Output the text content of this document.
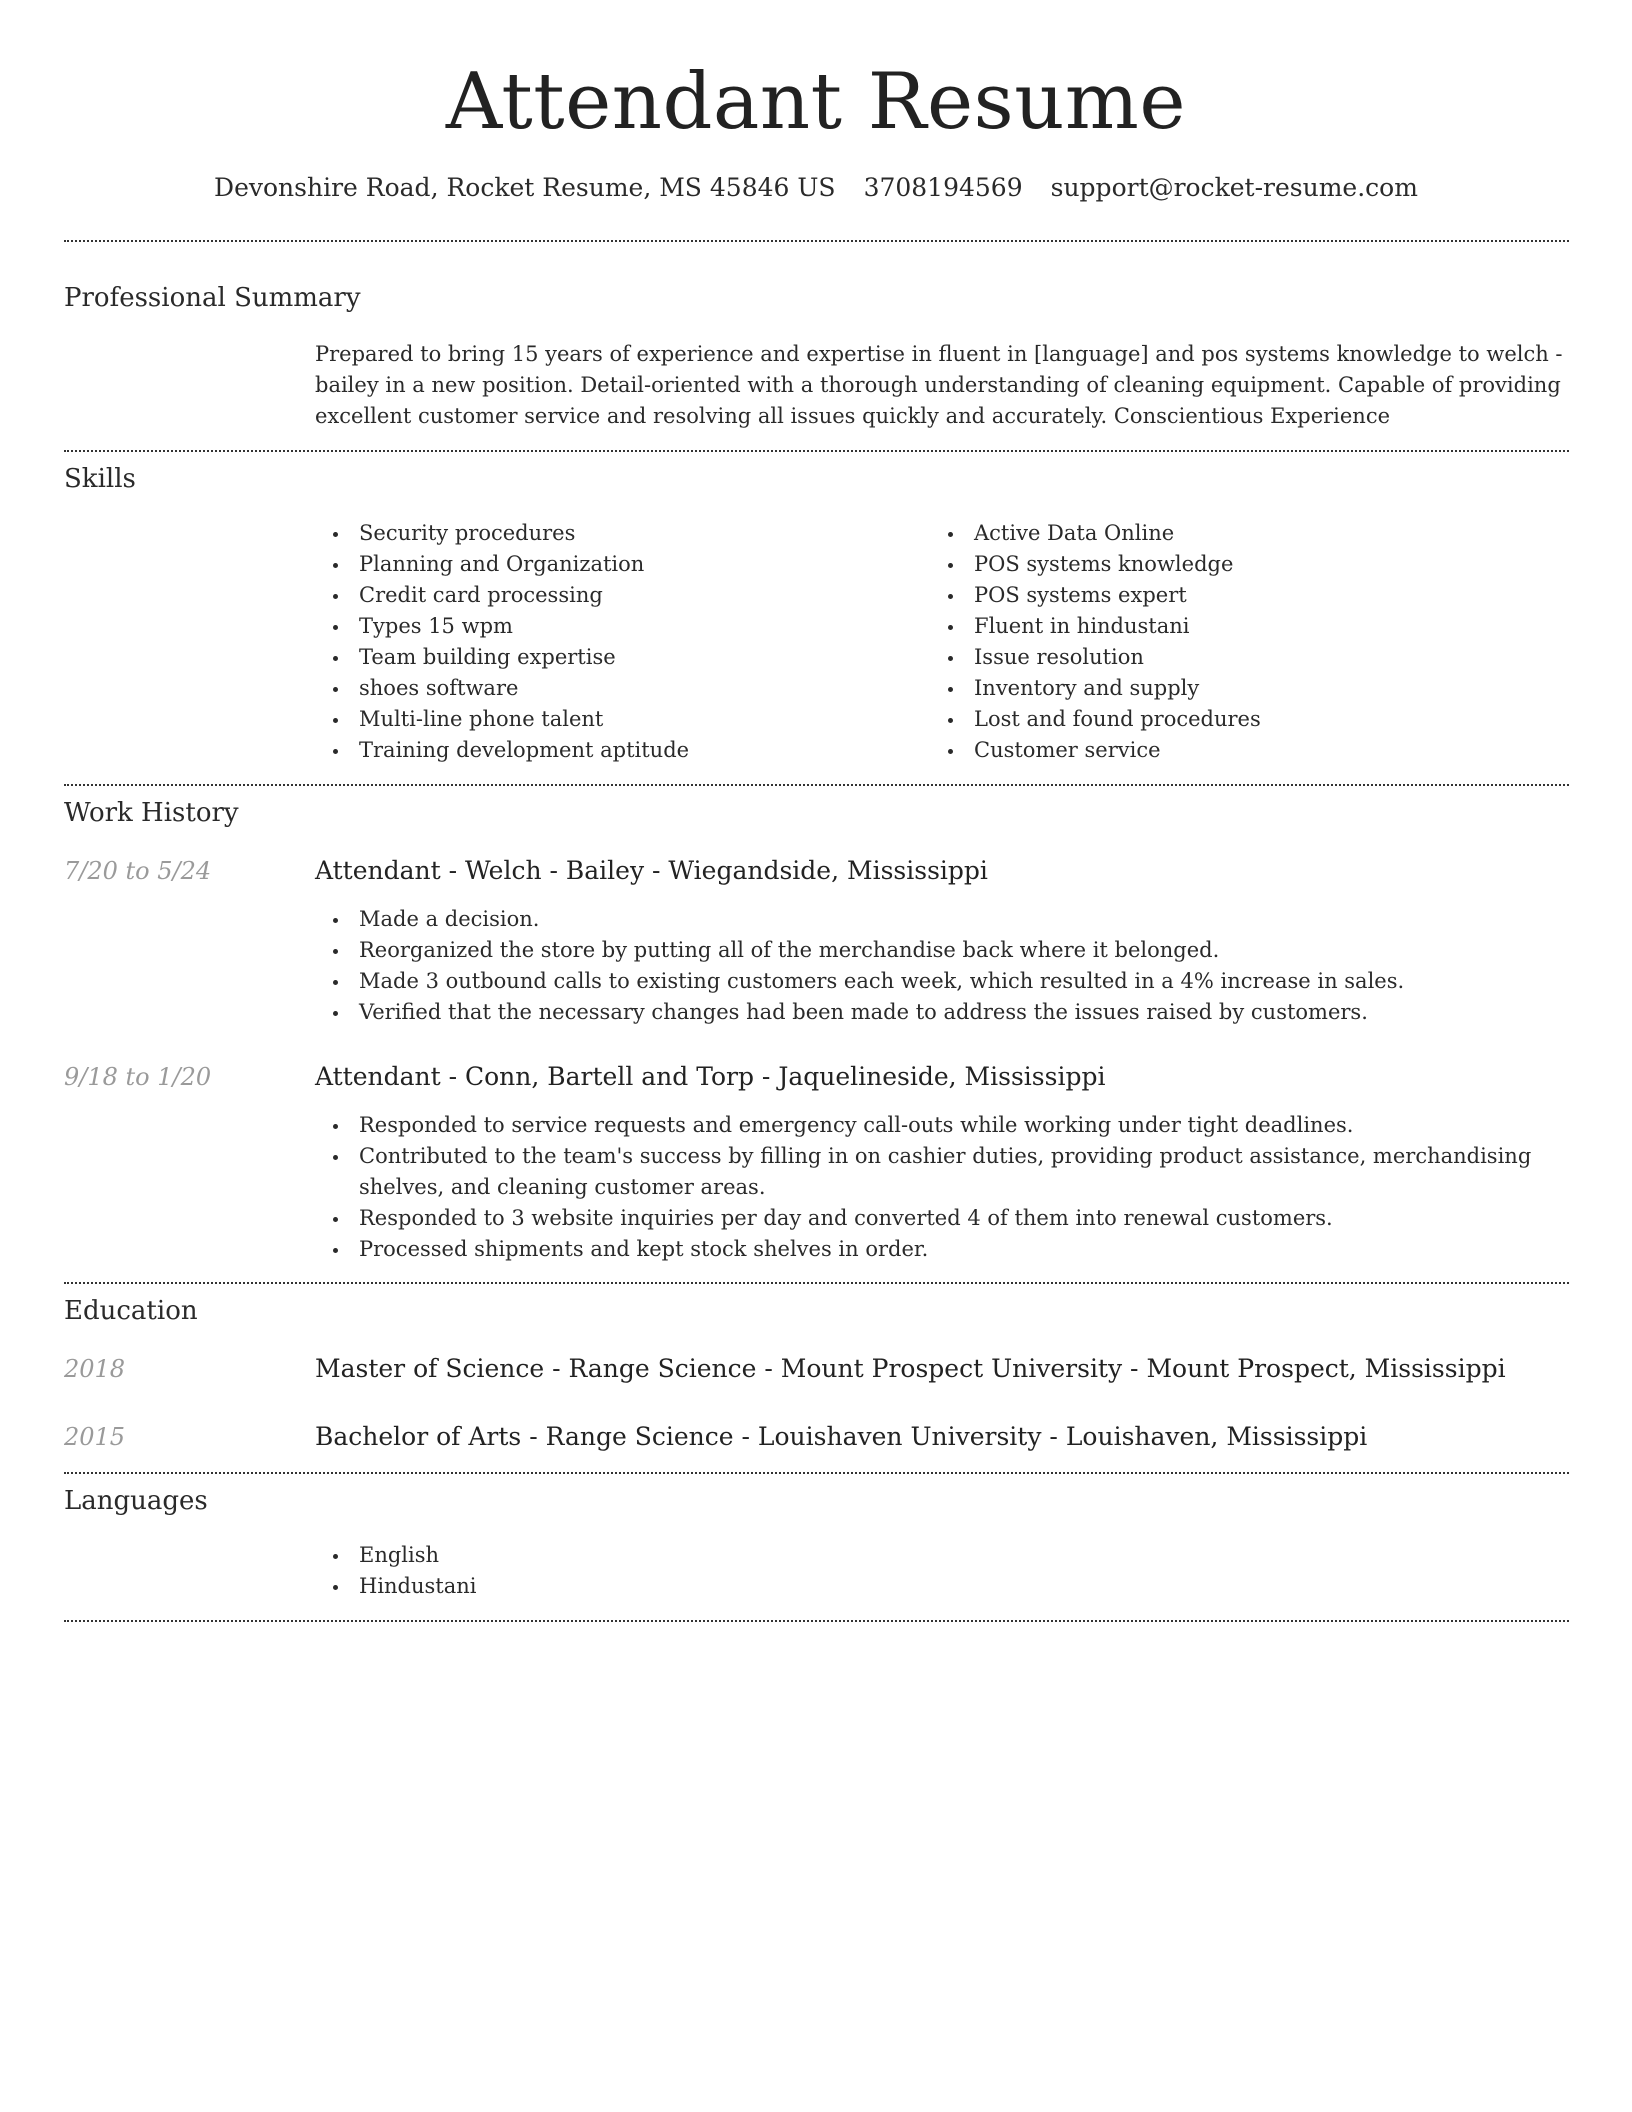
Attendant Resume
Devonshire Road, Rocket Resume, MS 45846 US 3708194569 support@rocket-resume.com
Professional Summary
Prepared to bring 15 years of experience and expertise in fluent in [language] and pos systems knowledge to welch - bailey in a new position. Detail-oriented with a thorough understanding of cleaning equipment. Capable of providing excellent customer service and resolving all issues quickly and accurately. Conscientious Experience
Skills
Security procedures
Planning and Organization
Credit card processing
Types 15 wpm
Team building expertise
shoes software
Multi-line phone talent
Training development aptitude
Active Data Online
POS systems knowledge
POS systems expert
Fluent in hindustani
Issue resolution
Inventory and supply
Lost and found procedures
Customer service
Work History
7/20 to 5/24	Attendant - Welch - Bailey - Wiegandside, Mississippi
Made a decision.
Reorganized the store by putting all of the merchandise back where it belonged.
Made 3 outbound calls to existing customers each week, which resulted in a 4% increase in sales.
Verified that the necessary changes had been made to address the issues raised by customers.
9/18 to 1/20	Attendant - Conn, Bartell and Torp - Jaquelineside, Mississippi
Responded to service requests and emergency call-outs while working under tight deadlines.
Contributed to the team's success by filling in on cashier duties, providing product assistance, merchandising shelves, and cleaning customer areas.
Responded to 3 website inquiries per day and converted 4 of them into renewal customers.
Processed shipments and kept stock shelves in order.
Education
2018	Master of Science - Range Science - Mount Prospect University - Mount Prospect, Mississippi
2015	Bachelor of Arts - Range Science - Louishaven University - Louishaven, Mississippi
Languages
English
Hindustani
